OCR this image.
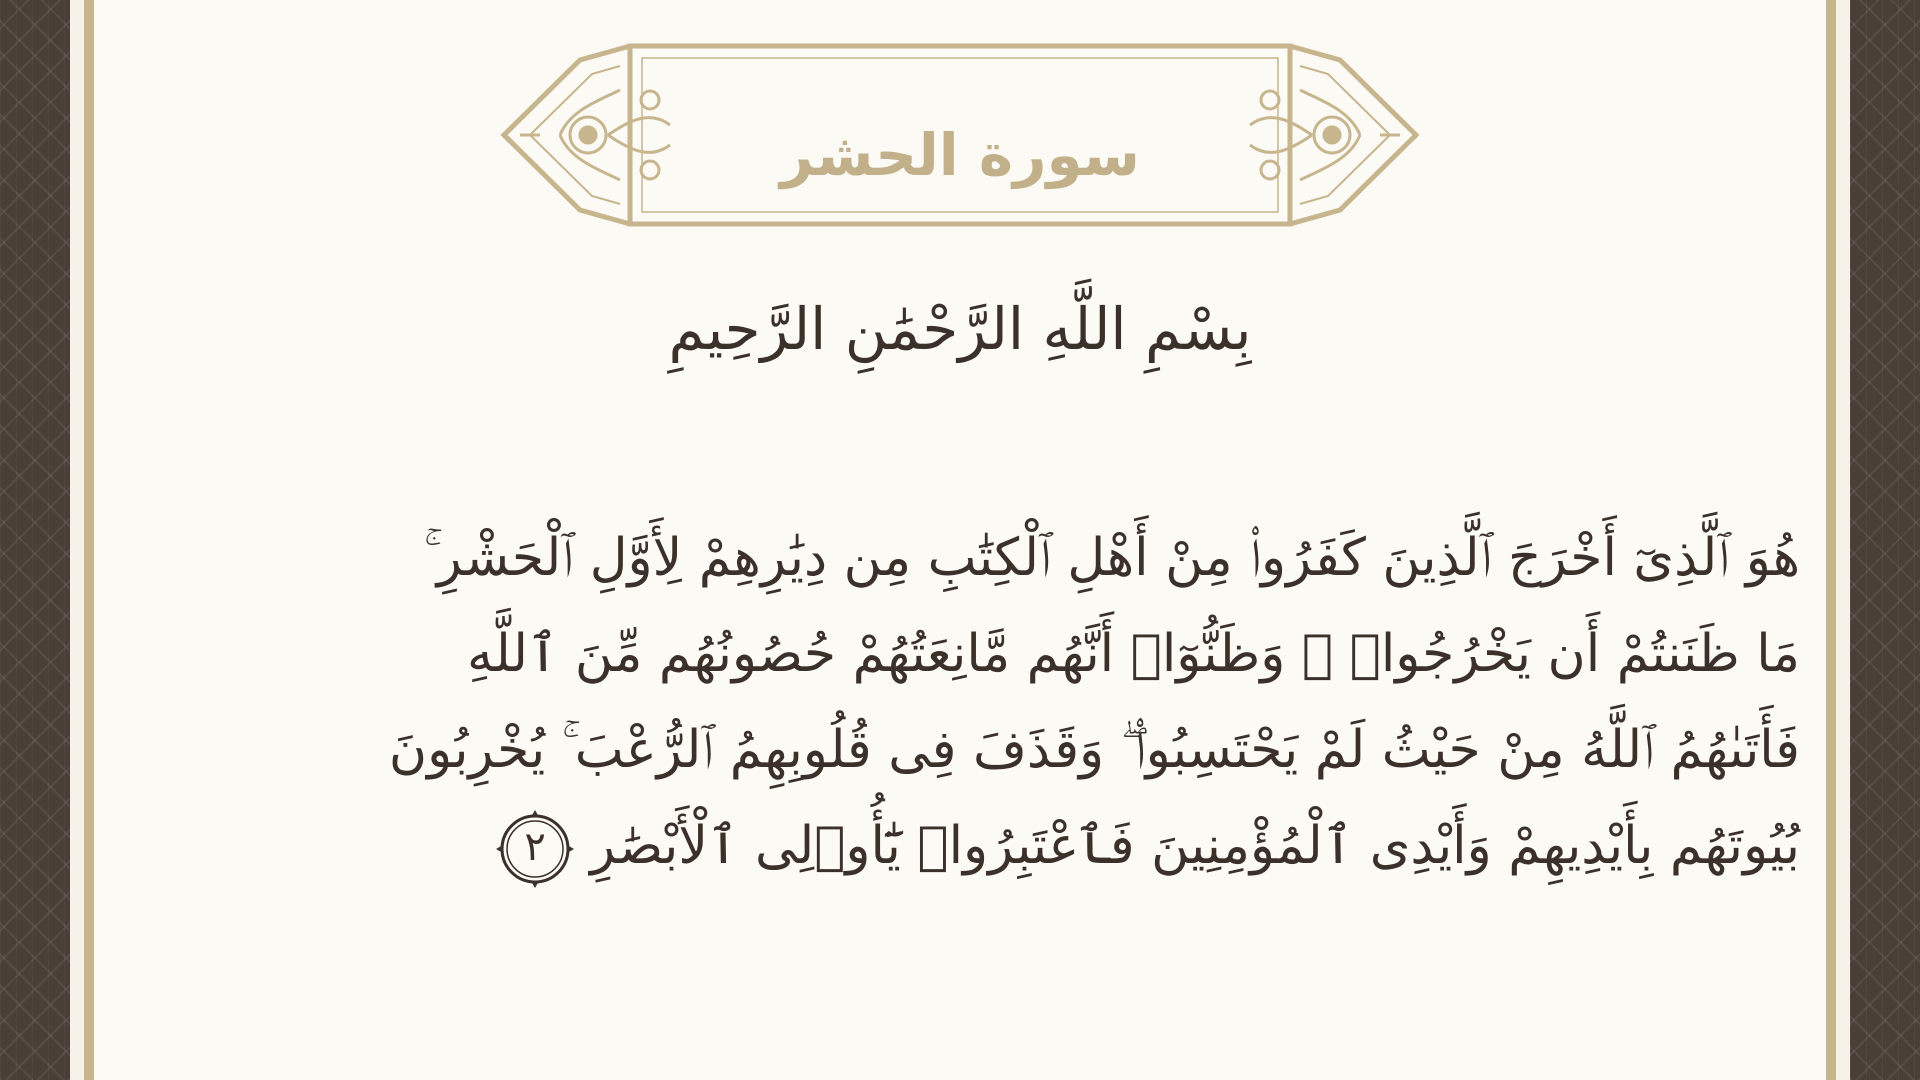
سورة الحشر
بِسْمِ اللَّهِ الرَّحْمَٰنِ الرَّحِيمِ
هُوَ ٱلَّذِىٓ أَخْرَجَ ٱلَّذِينَ كَفَرُوا۟ مِنْ أَهْلِ ٱلْكِتَٰبِ مِن دِيَٰرِهِمْ لِأَوَّلِ ٱلْحَشْرِ ۚ
مَا ظَنَنتُمْ أَن يَخْرُجُوا۟ ۖ وَظَنُّوٓا۟ أَنَّهُم مَّانِعَتُهُمْ حُصُونُهُم مِّنَ ٱللَّهِ
فَأَتَىٰهُمُ ٱللَّهُ مِنْ حَيْثُ لَمْ يَحْتَسِبُوا۟ ۖ وَقَذَفَ فِى قُلُوبِهِمُ ٱلرُّعْبَ ۚ يُخْرِبُونَ
بُيُوتَهُم بِأَيْدِيهِمْ وَأَيْدِى ٱلْمُؤْمِنِينَ فَٱعْتَبِرُوا۟ يَٰٓأُو۟لِى ٱلْأَبْصَٰرِ
٢
